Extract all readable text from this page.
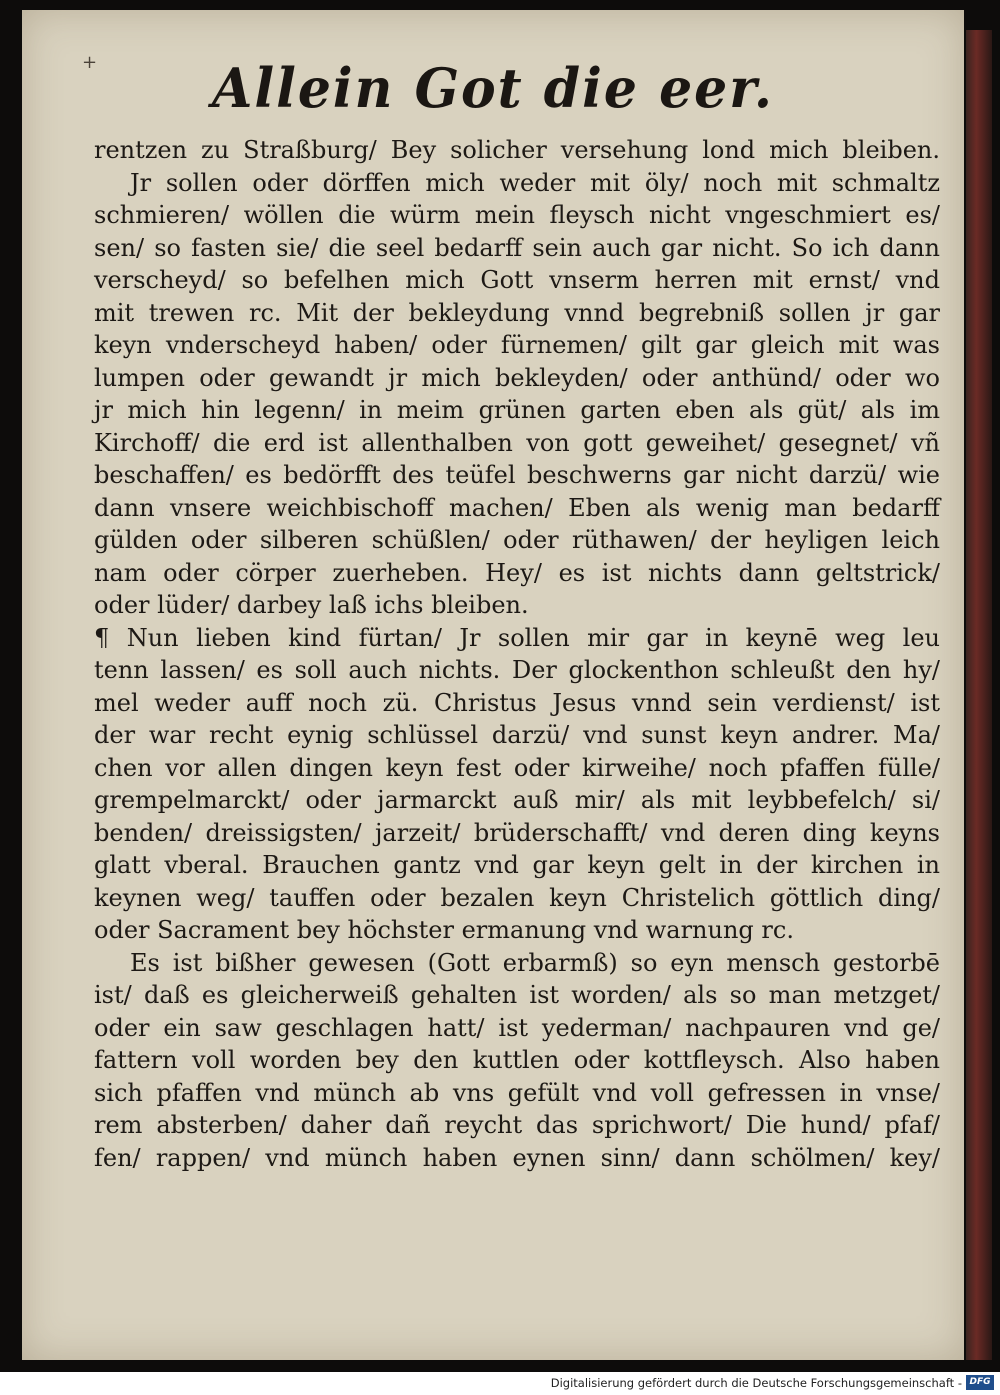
+	Allein Got die eer.
rentzen zu Straßburg/ Bey solicher versehung lond mich bleiben.
Jr sollen oder dörffen mich weder mit öly/ noch mit schmaltz
schmieren/ wöllen die würm mein fleysch nicht vngeschmiert es/
sen/ so fasten sie/ die seel bedarff sein auch gar nicht. So ich dann
verscheyd/ so befelhen mich Gott vnserm herren mit ernst/ vnd
mit trewen rc. Mit der bekleydung vnnd begrebniß sollen jr gar
keyn vnderscheyd haben/ oder fürnemen/ gilt gar gleich mit was
lumpen oder gewandt jr mich bekleyden/ oder anthünd/ oder wo
jr mich hin legenn/ in meim grünen garten eben als güt/ als im
Kirchoff/ die erd ist allenthalben von gott geweihet/ gesegnet/ vñ
beschaffen/ es bedörfft des teüfel beschwerns gar nicht darzü/ wie
dann vnsere weichbischoff machen/ Eben als wenig man bedarff
gülden oder silberen schüßlen/ oder rüthawen/ der heyligen leich
nam oder cörper zuerheben. Hey/ es ist nichts dann geltstrick/
oder lüder/ darbey laß ichs bleiben.
¶ Nun lieben kind fürtan/ Jr sollen mir gar in keynē weg leu
tenn lassen/ es soll auch nichts. Der glockenthon schleußt den hy/
mel weder auff noch zü. Christus Jesus vnnd sein verdienst/ ist
der war recht eynig schlüssel darzü/ vnd sunst keyn andrer. Ma/
chen vor allen dingen keyn fest oder kirweihe/ noch pfaffen fülle/
grempelmarckt/ oder jarmarckt auß mir/ als mit leybbefelch/ si/
benden/ dreissigsten/ jarzeit/ brüderschafft/ vnd deren ding keyns
glatt vberal. Brauchen gantz vnd gar keyn gelt in der kirchen in
keynen weg/ tauffen oder bezalen keyn Christelich göttlich ding/
oder Sacrament bey höchster ermanung vnd warnung rc.
Es ist bißher gewesen (Gott erbarmß) so eyn mensch gestorbē
ist/ daß es gleicherweiß gehalten ist worden/ als so man metzget/
oder ein saw geschlagen hatt/ ist yederman/ nachpauren vnd ge/
fattern voll worden bey den kuttlen oder kottfleysch. Also haben
sich pfaffen vnd münch ab vns gefült vnd voll gefressen in vnse/
rem absterben/ daher dañ reycht das sprichwort/ Die hund/ pfaf/
fen/ rappen/ vnd münch haben eynen sinn/ dann schölmen/ key/
Digitalisierung gefördert durch die Deutsche Forschungsgemeinschaft - DFG
